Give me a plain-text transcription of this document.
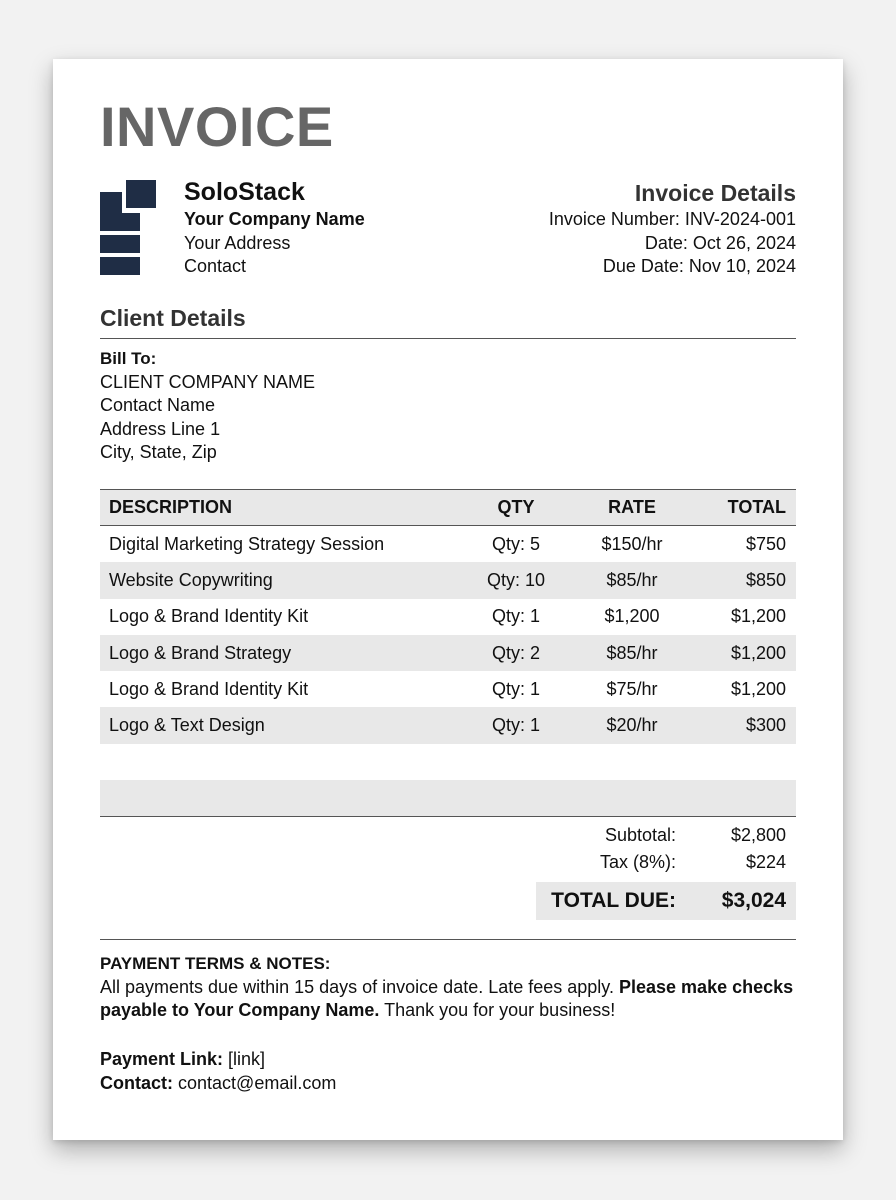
INVOICE
SoloStack
Your Company Name
Your Address
Contact
Invoice Details
Invoice Number: INV-2024-001
Date: Oct 26, 2024
Due Date: Nov 10, 2024
Client Details
Bill To:
CLIENT COMPANY NAME
Contact Name
Address Line 1
City, State, Zip
DESCRIPTION	QTY	RATE	TOTAL
Digital Marketing Strategy Session	Qty: 5	$150/hr	$750
Website Copywriting	Qty: 10	$85/hr	$850
Logo & Brand Identity Kit	Qty: 1	$1,200	$1,200
Logo & Brand Strategy	Qty: 2	$85/hr	$1,200
Logo & Brand Identity Kit	Qty: 1	$75/hr	$1,200
Logo & Text Design	Qty: 1	$20/hr	$300
Subtotal:	$2,800
Tax (8%):	$224
TOTAL DUE:	$3,024
PAYMENT TERMS & NOTES:
All payments due within 15 days of invoice date. Late fees apply. Please make checks payable to Your Company Name. Thank you for your business!
Payment Link: [link]
Contact: contact@email.com
